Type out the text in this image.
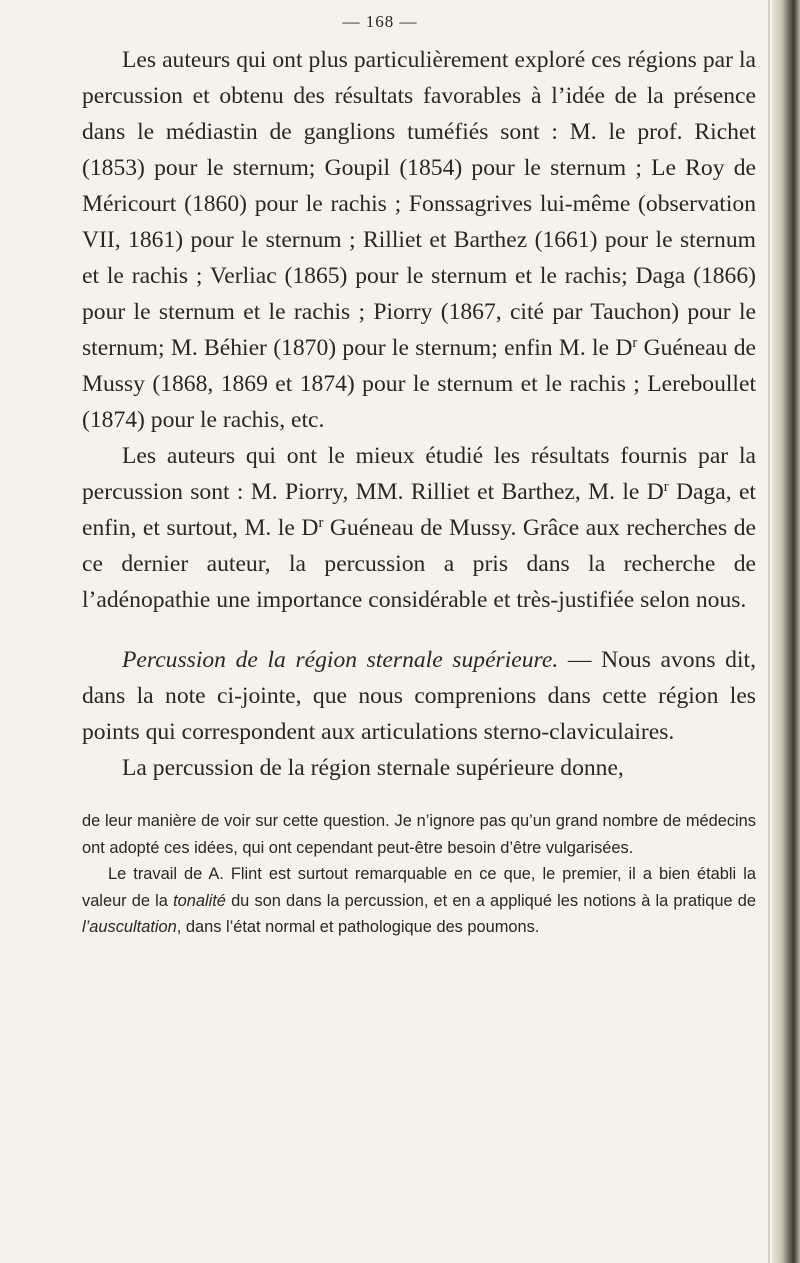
— 168 —

Les auteurs qui ont plus particulièrement exploré ces régions par la percussion et obtenu des résultats favorables à l’idée de la présence dans le médiastin de ganglions tuméfiés sont : M. le prof. Richet (1853) pour le sternum; Goupil (1854) pour le sternum ; Le Roy de Méricourt (1860) pour le rachis ; Fonssagrives lui-même (observation VII, 1861) pour le sternum ; Rilliet et Barthez (1661) pour le sternum et le rachis ; Verliac (1865) pour le sternum et le rachis; Daga (1866) pour le sternum et le rachis ; Piorry (1867, cité par Tauchon) pour le sternum; M. Béhier (1870) pour le sternum; enfin M. le $D^r$ Guéneau de Mussy (1868, 1869 et 1874) pour le sternum et le rachis ; Lereboullet (1874) pour le rachis, etc.

Les auteurs qui ont le mieux étudié les résultats fournis par la percussion sont : M. Piorry, MM. Rilliet et Barthez, M. le $D^r$ Daga, et enfin, et surtout, M. le $D^r$ Guéneau de Mussy. Grâce aux recherches de ce dernier auteur, la percussion a pris dans la recherche de l’adénopathie une importance considérable et très-justifiée selon nous.

Percussion de la région sternale supérieure. — Nous avons dit, dans la note ci-jointe, que nous comprenions dans cette région les points qui correspondent aux articulations sterno-claviculaires.

La percussion de la région sternale supérieure donne,

de leur manière de voir sur cette question. Je n’ignore pas qu’un grand nombre de médecins ont adopté ces idées, qui ont cependant peut-être besoin d’être vulgarisées.

Le travail de A. Flint est surtout remarquable en ce que, le premier, il a bien établi la valeur de la tonalité du son dans la percussion, et en a appliqué les notions à la pratique de l’auscultation, dans l’état normal et pathologique des poumons.
